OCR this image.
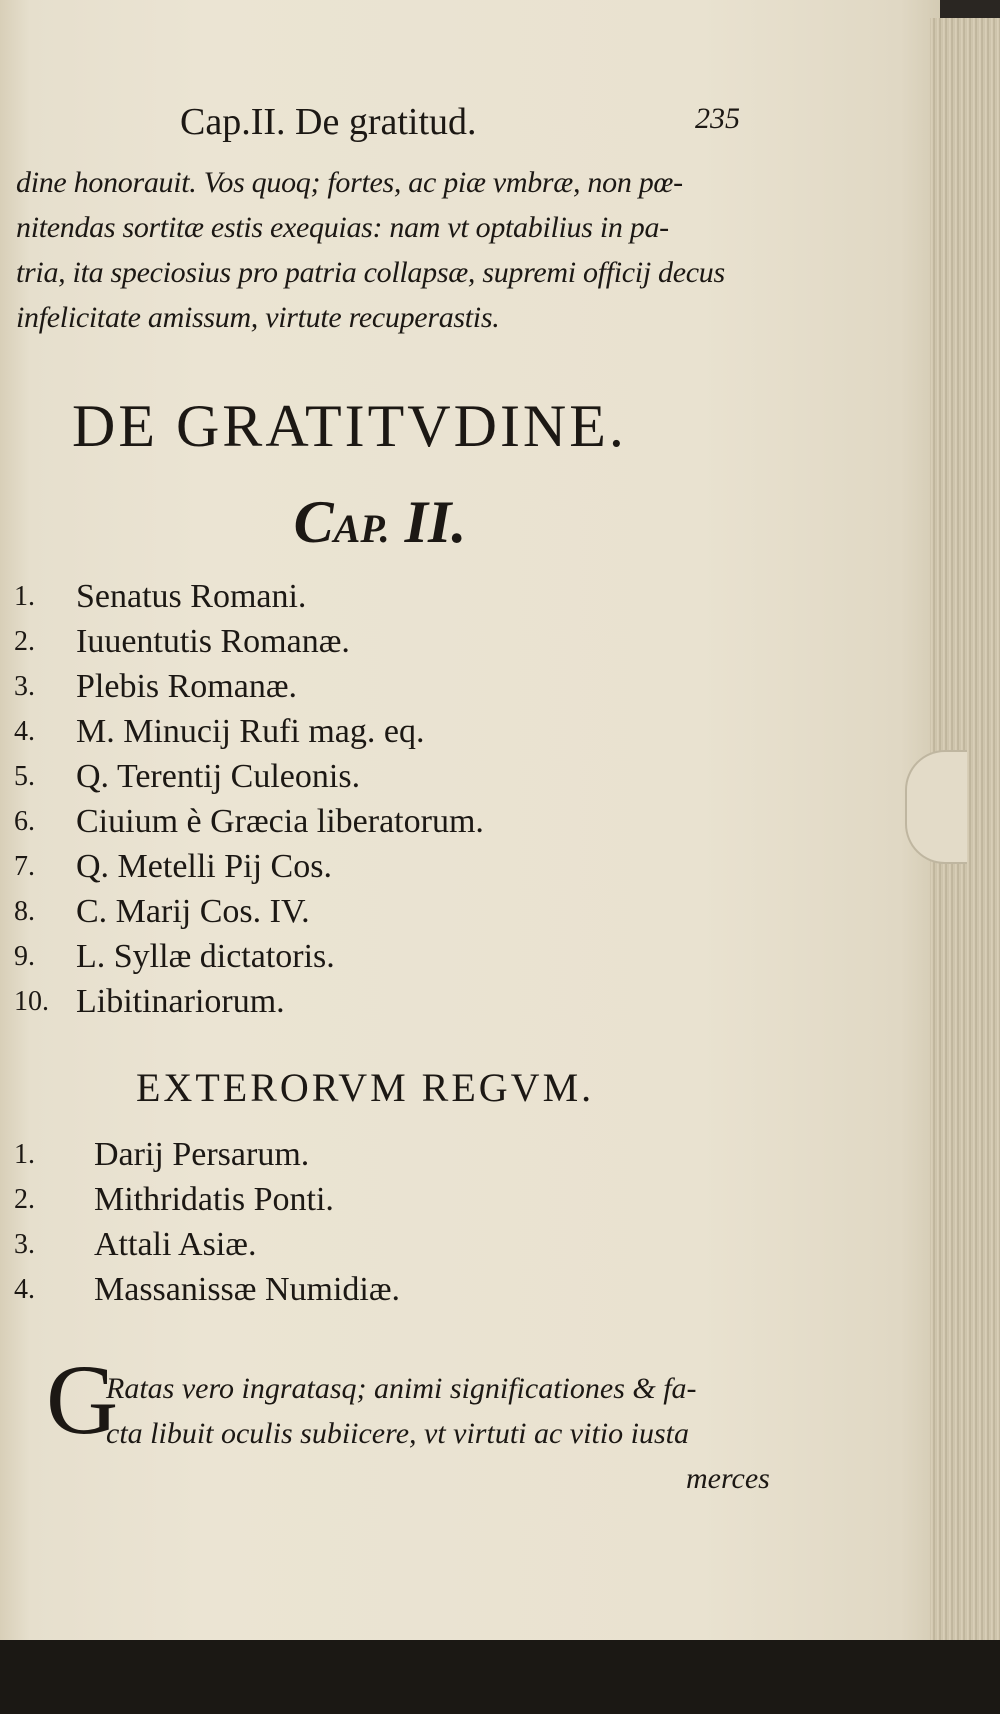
Cap.II. De gratitud.	235
dine honorauit. Vos quoq; fortes, ac piæ vmbræ, non pœ-
nitendas sortitæ estis exequias: nam vt optabilius in pa-
tria, ita speciosius pro patria collapsæ, supremi officij decus
infelicitate amissum, virtute recuperastis.
DE GRATITVDINE.
CAP. II.
1. Senatus Romani.
2. Iuuentutis Romanæ.
3. Plebis Romanæ.
4. M. Minucij Rufi mag. eq.
5. Q. Terentij Culeonis.
6. Ciuium è Græcia liberatorum.
7. Q. Metelli Pij Cos.
8. C. Marij Cos. IV.
9. L. Syllæ dictatoris.
10. Libitinariorum.
EXTERORVM REGVM.
1. Darij Persarum.
2. Mithridatis Ponti.
3. Attali Asiæ.
4. Massanissæ Numidiæ.
G
Ratas vero ingratasq; animi significationes & fa-
cta libuit oculis subiicere, vt virtuti ac vitio iusta
merces
